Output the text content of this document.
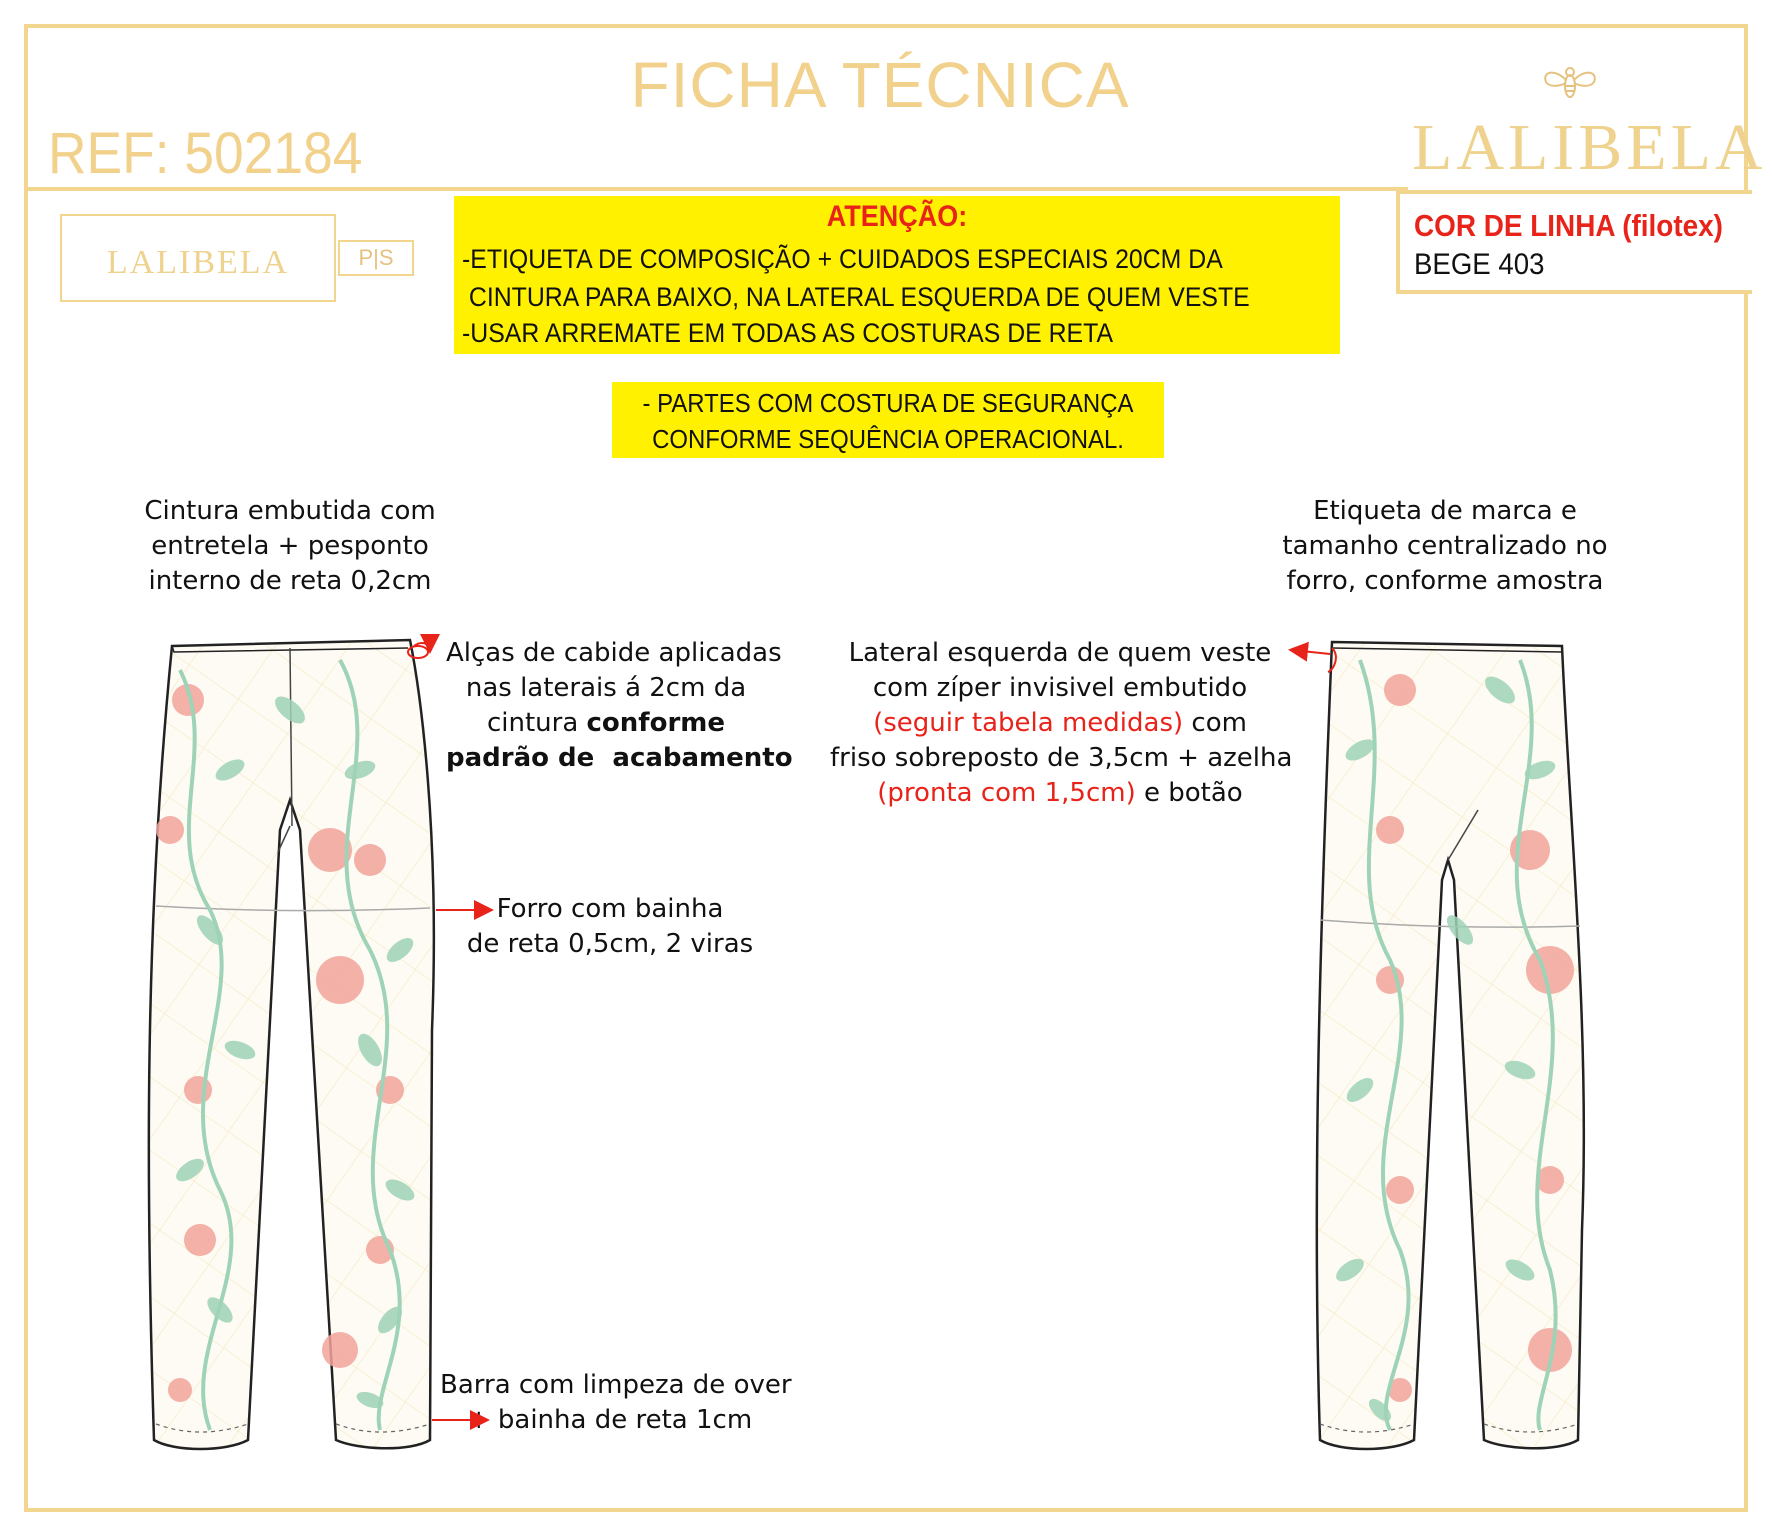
FICHA TÉCNICA
REF: 502184	LALIBELA
LALIBELA	P|S
ATENÇÃO:
-ETIQUETA DE COMPOSIÇÃO + CUIDADOS ESPECIAIS 20CM DA
CINTURA PARA BAIXO, NA LATERAL ESQUERDA DE QUEM VESTE
-USAR ARREMATE EM TODAS AS COSTURAS DE RETA
- PARTES COM COSTURA DE SEGURANÇA
CONFORME SEQUÊNCIA OPERACIONAL.
COR DE LINHA (filotex)
BEGE 403
Cintura embutida com
entretela + pesponto
interno de reta 0,2cm
Alças de cabide aplicadas
nas laterais á 2cm da
cintura conforme
padrão de  acabamento
Forro com bainha
de reta 0,5cm, 2 viras
Barra com limpeza de over
+ bainha de reta 1cm
Etiqueta de marca e
tamanho centralizado no
forro, conforme amostra
Lateral esquerda de quem veste
com zíper invisivel embutido
(seguir tabela medidas) com
friso sobreposto de 3,5cm + azelha
(pronta com 1,5cm) e botão
